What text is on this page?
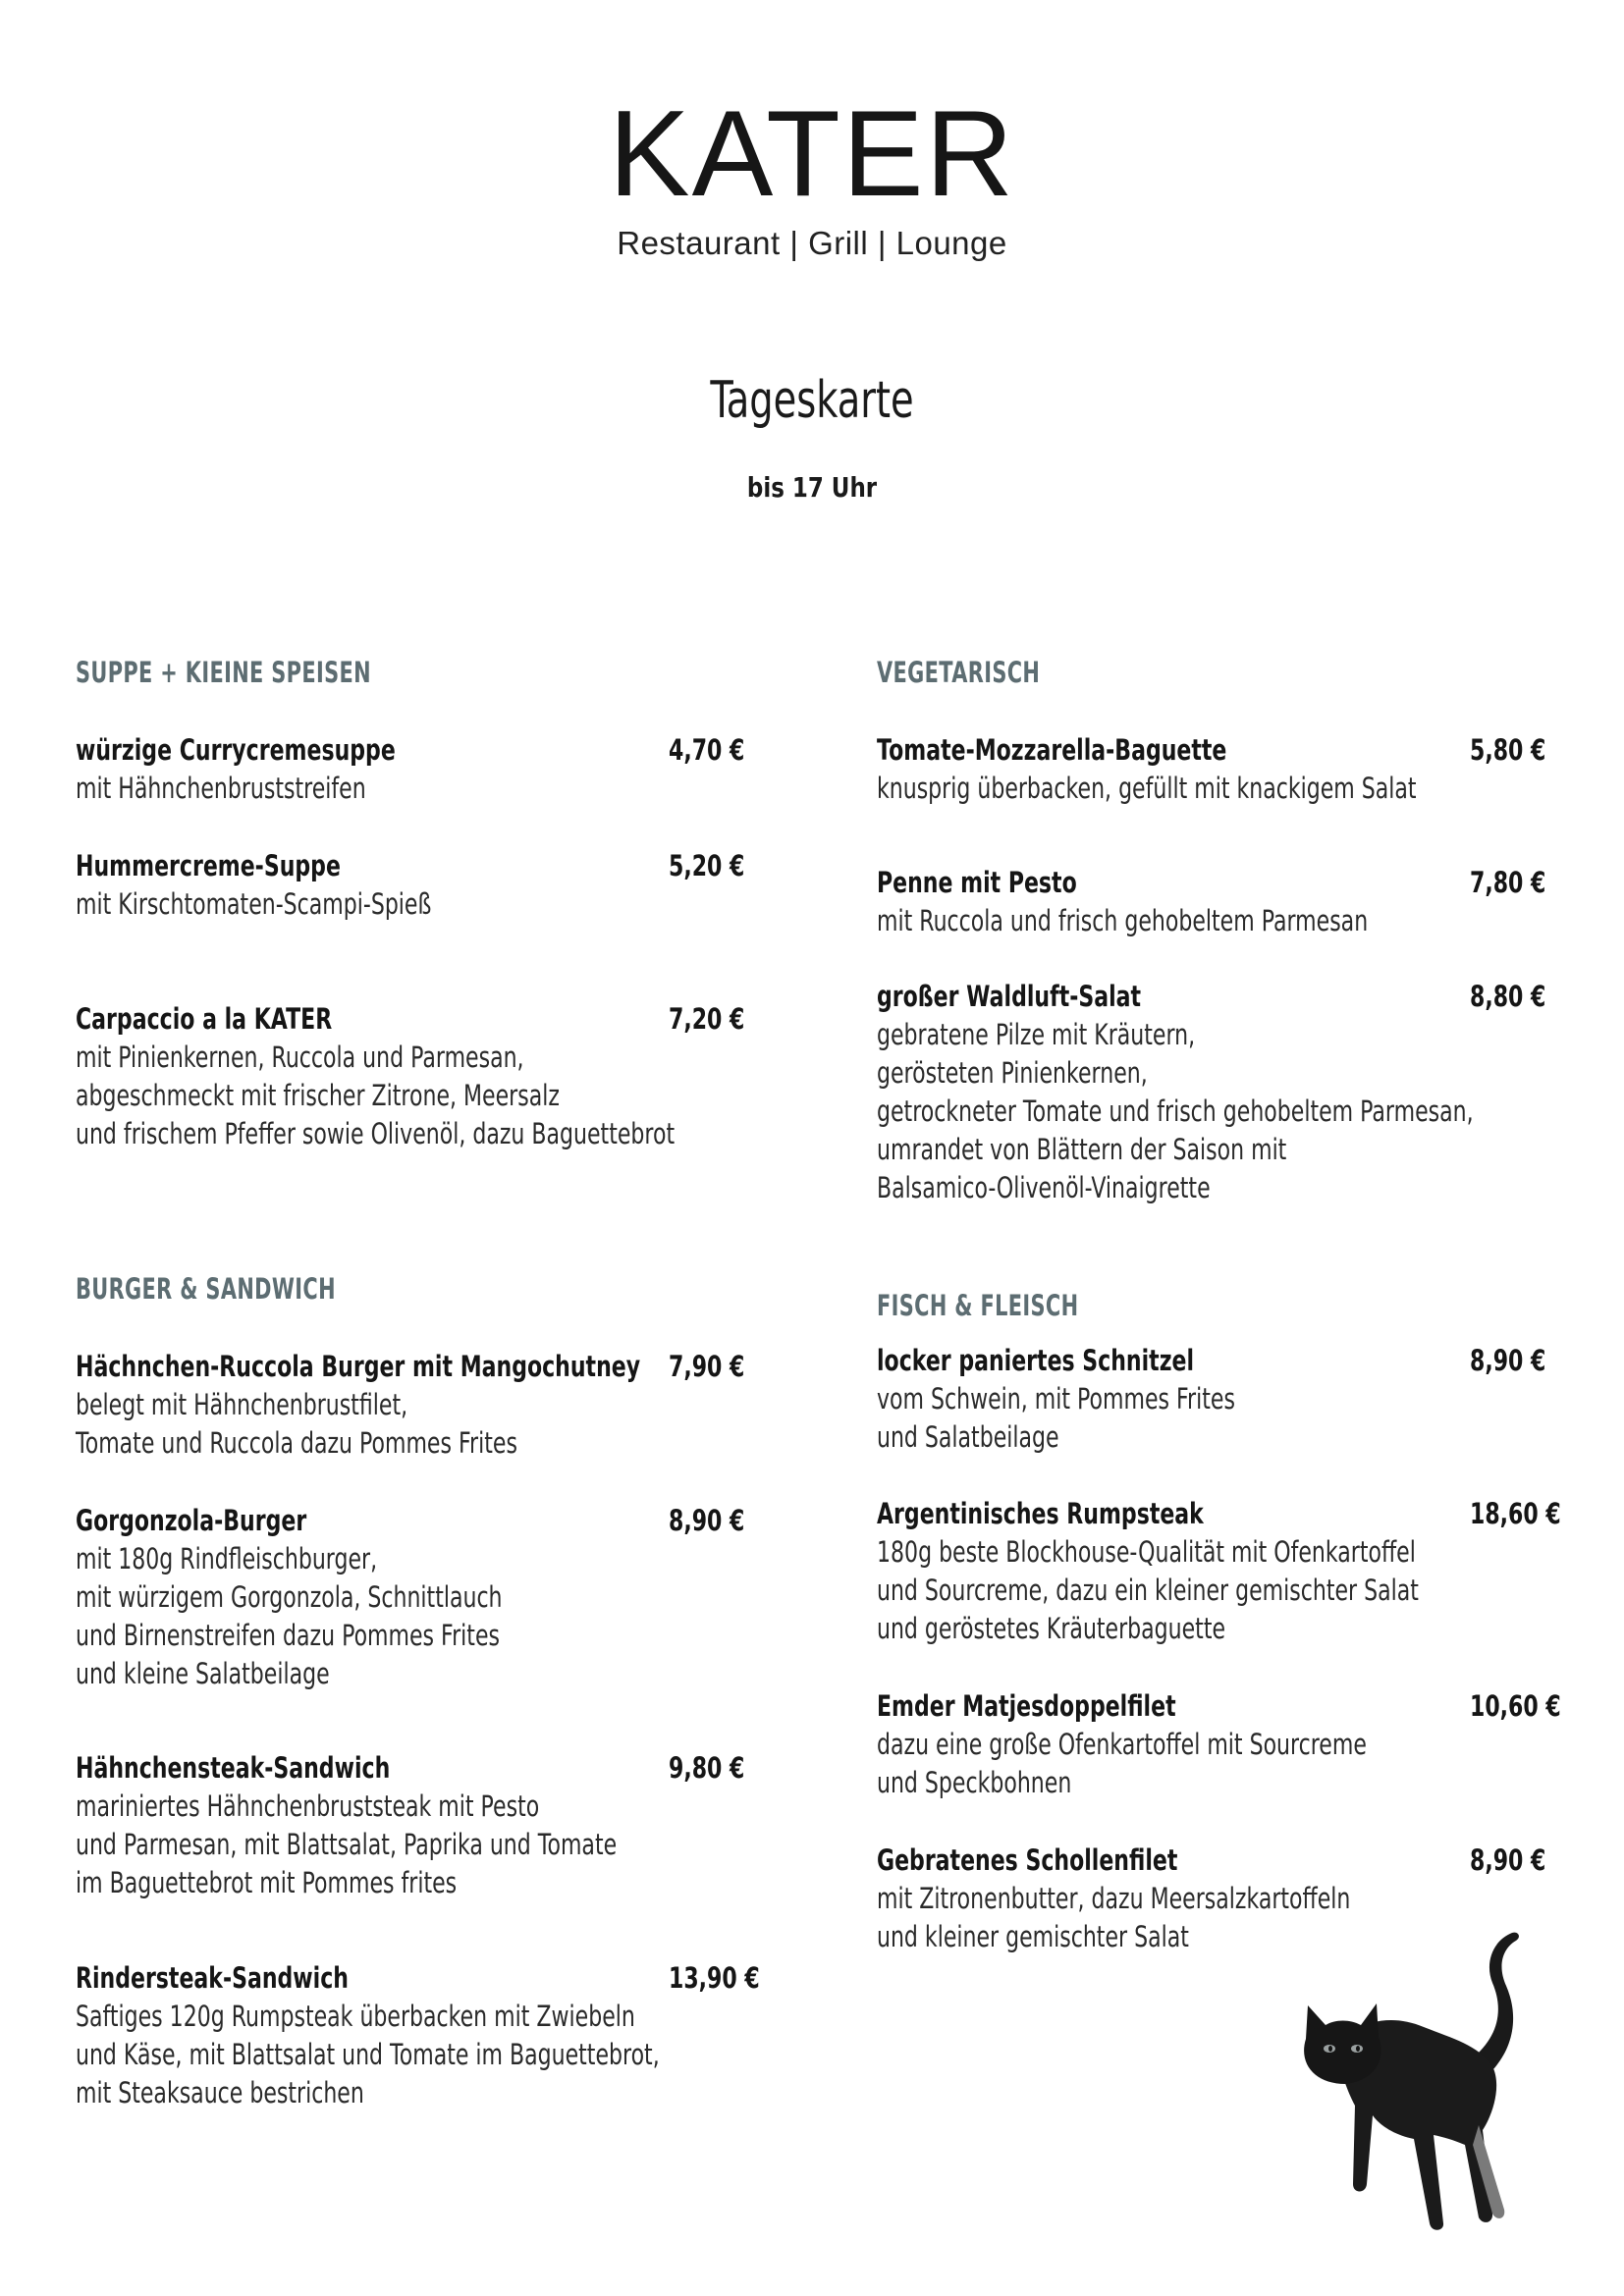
KATER
Restaurant | Grill | Lounge
Tageskarte
bis 17 Uhr
SUPPE + KIEINE SPEISEN
würzige Currycremesuppe	4,70 €
mit Hähnchenbruststreifen
Hummercreme-Suppe	5,20 €
mit Kirschtomaten-Scampi-Spieß
Carpaccio a la KATER	7,20 €
mit Pinienkernen, Ruccola und Parmesan,
abgeschmeckt mit frischer Zitrone, Meersalz
und frischem Pfeffer sowie Olivenöl, dazu Baguettebrot
BURGER & SANDWICH
Hächnchen-Ruccola Burger mit Mangochutney 7,90 €
belegt mit Hähnchenbrustfilet,
Tomate und Ruccola dazu Pommes Frites
Gorgonzola-Burger	8,90 €
mit 180g Rindfleischburger,
mit würzigem Gorgonzola, Schnittlauch
und Birnenstreifen dazu Pommes Frites
und kleine Salatbeilage
Hähnchensteak-Sandwich	9,80 €
mariniertes Hähnchenbruststeak mit Pesto
und Parmesan, mit Blattsalat, Paprika und Tomate
im Baguettebrot mit Pommes frites
Rindersteak-Sandwich	13,90 €
Saftiges 120g Rumpsteak überbacken mit Zwiebeln
und Käse, mit Blattsalat und Tomate im Baguettebrot,
mit Steaksauce bestrichen
VEGETARISCH
Tomate-Mozzarella-Baguette	5,80 €
knusprig überbacken, gefüllt mit knackigem Salat
Penne mit Pesto	7,80 €
mit Ruccola und frisch gehobeltem Parmesan
großer Waldluft-Salat	8,80 €
gebratene Pilze mit Kräutern,
gerösteten Pinienkernen,
getrockneter Tomate und frisch gehobeltem Parmesan,
umrandet von Blättern der Saison mit
Balsamico-Olivenöl-Vinaigrette
FISCH & FLEISCH
locker paniertes Schnitzel	8,90 €
vom Schwein, mit Pommes Frites
und Salatbeilage
Argentinisches Rumpsteak	18,60 €
180g beste Blockhouse-Qualität mit Ofenkartoffel
und Sourcreme, dazu ein kleiner gemischter Salat
und geröstetes Kräuterbaguette
Emder Matjesdoppelfilet	10,60 €
dazu eine große Ofenkartoffel mit Sourcreme
und Speckbohnen
Gebratenes Schollenfilet	8,90 €
mit Zitronenbutter, dazu Meersalzkartoffeln
und kleiner gemischter Salat
